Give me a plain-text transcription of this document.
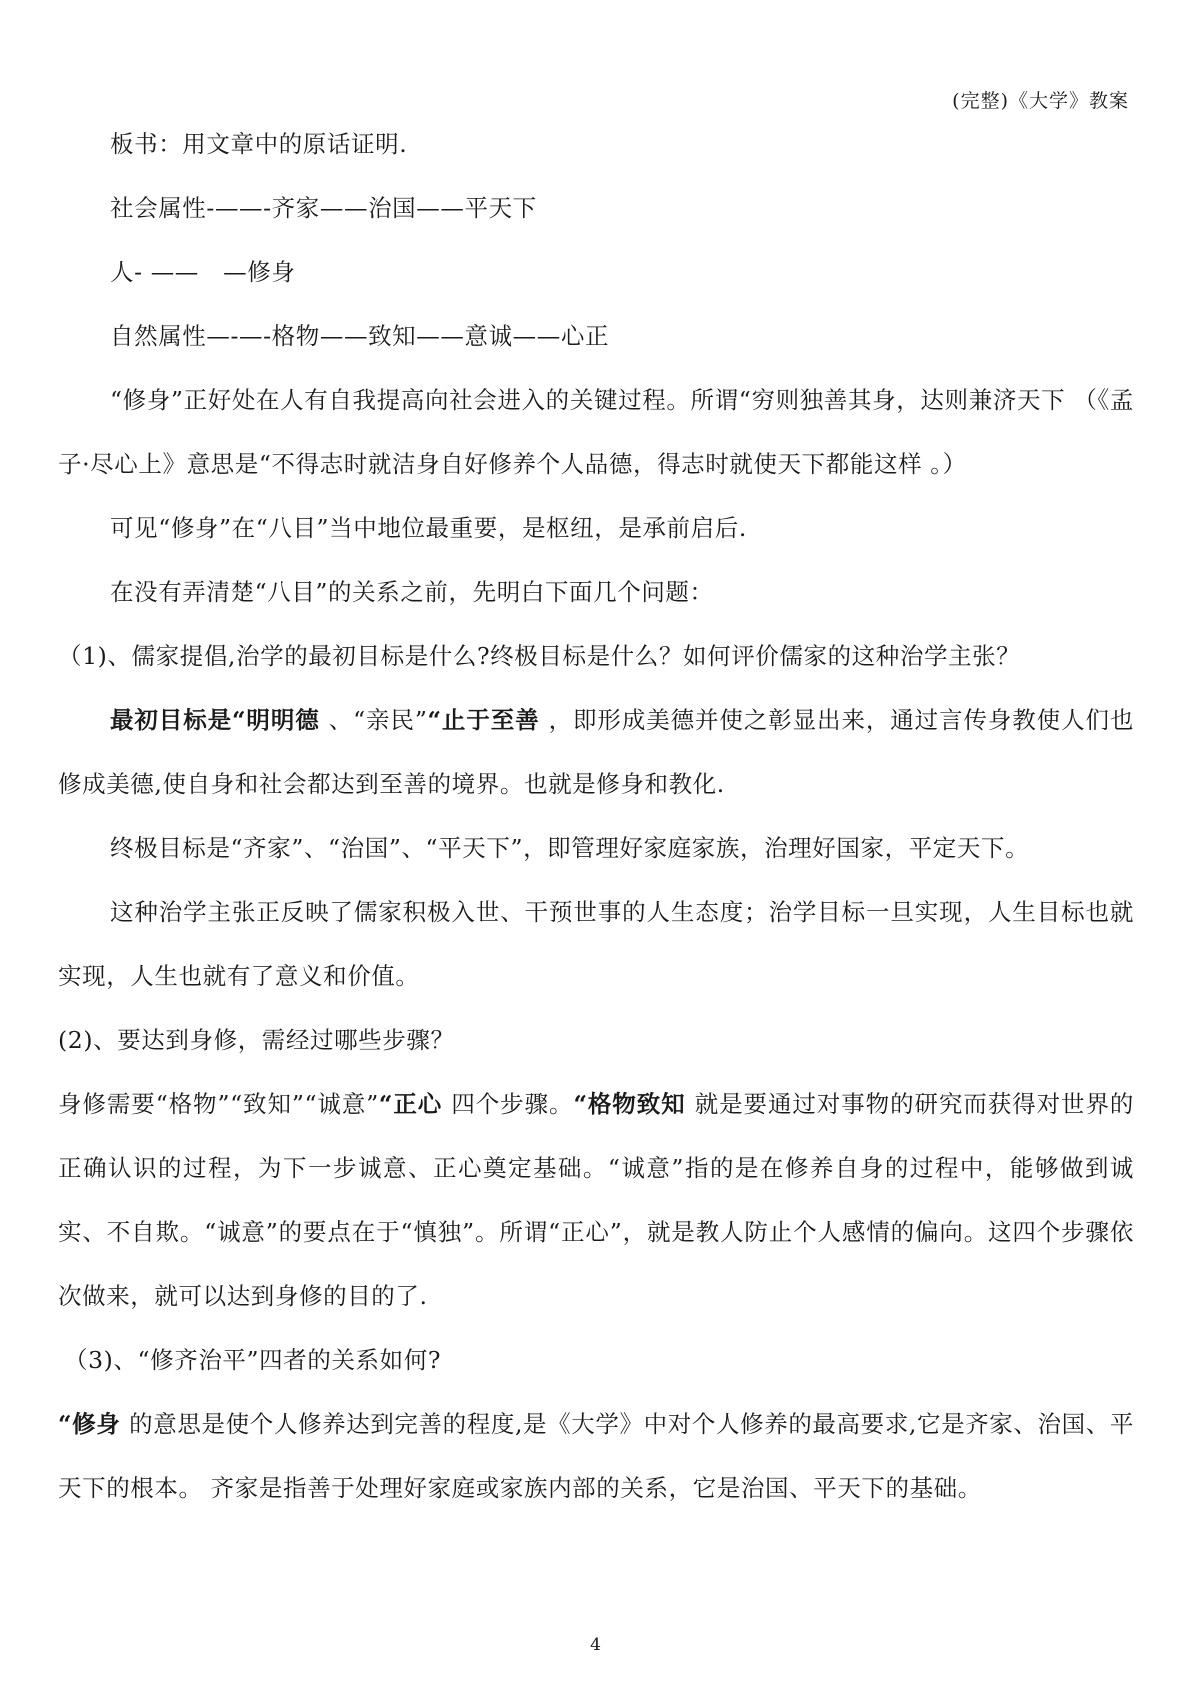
(完整)《大学》教案

板书：用文章中的原话证明.

社会属性-——-齐家——治国——平天下

人- ——   —修身

自然属性—-—-格物——致知——意诚——心正

“修身”正好处在人有自我提高向社会进入的关键过程。所谓“穷则独善其身，达则兼济天下 （《孟子·尽心上》意思是“不得志时就洁身自好修养个人品德，得志时就使天下都能这样 。）

可见“修身”在“八目”当中地位最重要，是枢纽，是承前启后.

在没有弄清楚“八目”的关系之前，先明白下面几个问题：

（1)、儒家提倡,治学的最初目标是什么?终极目标是什么？如何评价儒家的这种治学主张？

最初目标是“明明德 、“亲民”“止于至善 ，即形成美德并使之彰显出来，通过言传身教使人们也修成美德,使自身和社会都达到至善的境界。也就是修身和教化.

终极目标是“齐家”、“治国”、“平天下”，即管理好家庭家族，治理好国家，平定天下。

这种治学主张正反映了儒家积极入世、干预世事的人生态度；治学目标一旦实现，人生目标也就实现，人生也就有了意义和价值。

(2)、要达到身修，需经过哪些步骤？

身修需要“格物”“致知”“诚意”“正心 四个步骤。“格物致知 就是要通过对事物的研究而获得对世界的正确认识的过程，为下一步诚意、正心奠定基础。“诚意”指的是在修养自身的过程中，能够做到诚实、不自欺。“诚意”的要点在于“慎独”。所谓“正心”，就是教人防止个人感情的偏向。这四个步骤依次做来，就可以达到身修的目的了.

（3)、“修齐治平”四者的关系如何?

“修身 的意思是使个人修养达到完善的程度,是《大学》中对个人修养的最高要求,它是齐家、治国、平天下的根本。 齐家是指善于处理好家庭或家族内部的关系，它是治国、平天下的基础。

4
